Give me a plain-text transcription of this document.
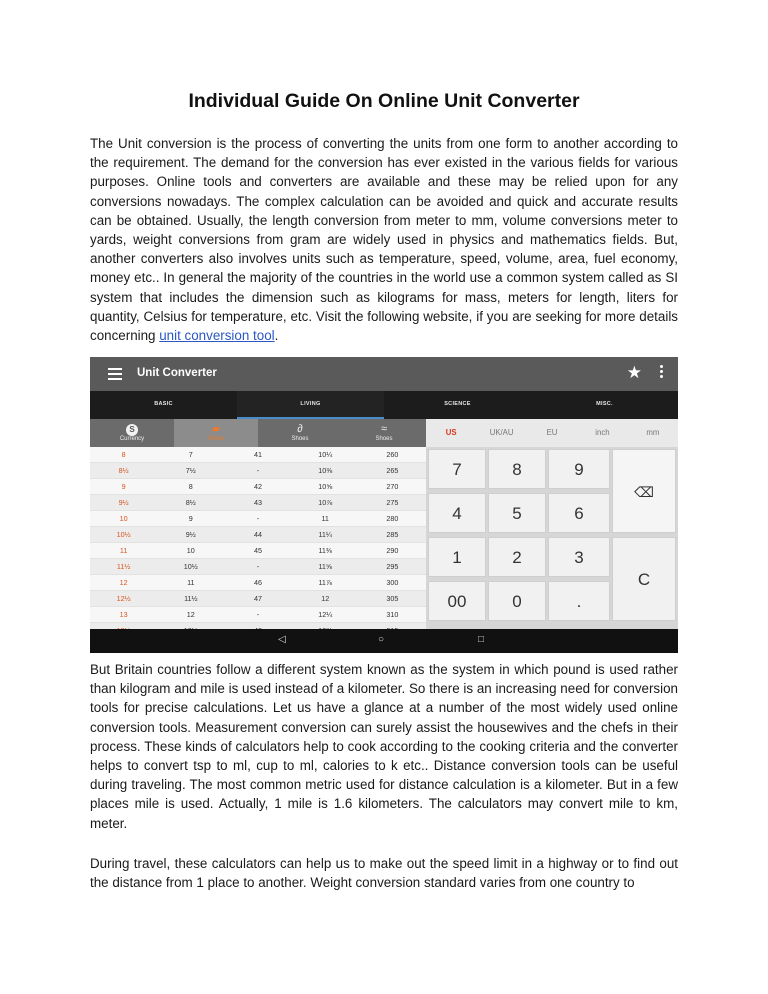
Individual Guide On Online Unit Converter

The Unit conversion is the process of converting the units from one form to another according to the requirement. The demand for the conversion has ever existed in the various fields for various purposes. Online tools and converters are available and these may be relied upon for any conversions nowadays. The complex calculation can be avoided and quick and accurate results can be obtained. Usually, the length conversion from meter to mm, volume conversions meter to yards, weight conversions from gram are widely used in physics and mathematics fields. But, another converters also involves units such as temperature, speed, volume, area, fuel economy, money etc.. In general the majority of the countries in the world use a common system called as SI system that includes the dimension such as kilograms for mass, meters for length, liters for quantity, Celsius for temperature, etc. Visit the following website, if you are seeking for more details concerning unit conversion tool.

Unit Converter	★
BASIC	LIVING	SCIENCE	MISC.
S
Currency
▰
Shoes
∂
Shoes
≈
Shoes
8	7	41	10¼	260
8½	7½	-	10⅜	265
9	8	42	10⅝	270
9½	8½	43	10⅞	275
10	9	-	11	280
10½	9½	44	11¼	285
11	10	45	11⅜	290
11½	10½	-	11⅝	295
12	11	46	11⅞	300
12½	11½	47	12	305
13	12	-	12¼	310
US	UK/AU	EU	inch	mm
7	8	9
4	5	6
1	2	3
00	0	.
⌫
C
◁	○	□

But Britain countries follow a different system known as the system in which pound is used rather than kilogram and mile is used instead of a kilometer. So there is an increasing need for conversion tools for precise calculations. Let us have a glance at a number of the most widely used online conversion tools. Measurement conversion can surely assist the housewives and the chefs in their process. These kinds of calculators help to cook according to the cooking criteria and the converter helps to convert tsp to ml, cup to ml, calories to k etc.. Distance conversion tools can be useful during traveling. The most common metric used for distance calculation is a kilometer. But in a few places mile is used. Actually, 1 mile is 1.6 kilometers. The calculators may convert mile to km, meter.

During travel, these calculators can help us to make out the speed limit in a highway or to find out the distance from 1 place to another. Weight conversion standard varies from one country to
